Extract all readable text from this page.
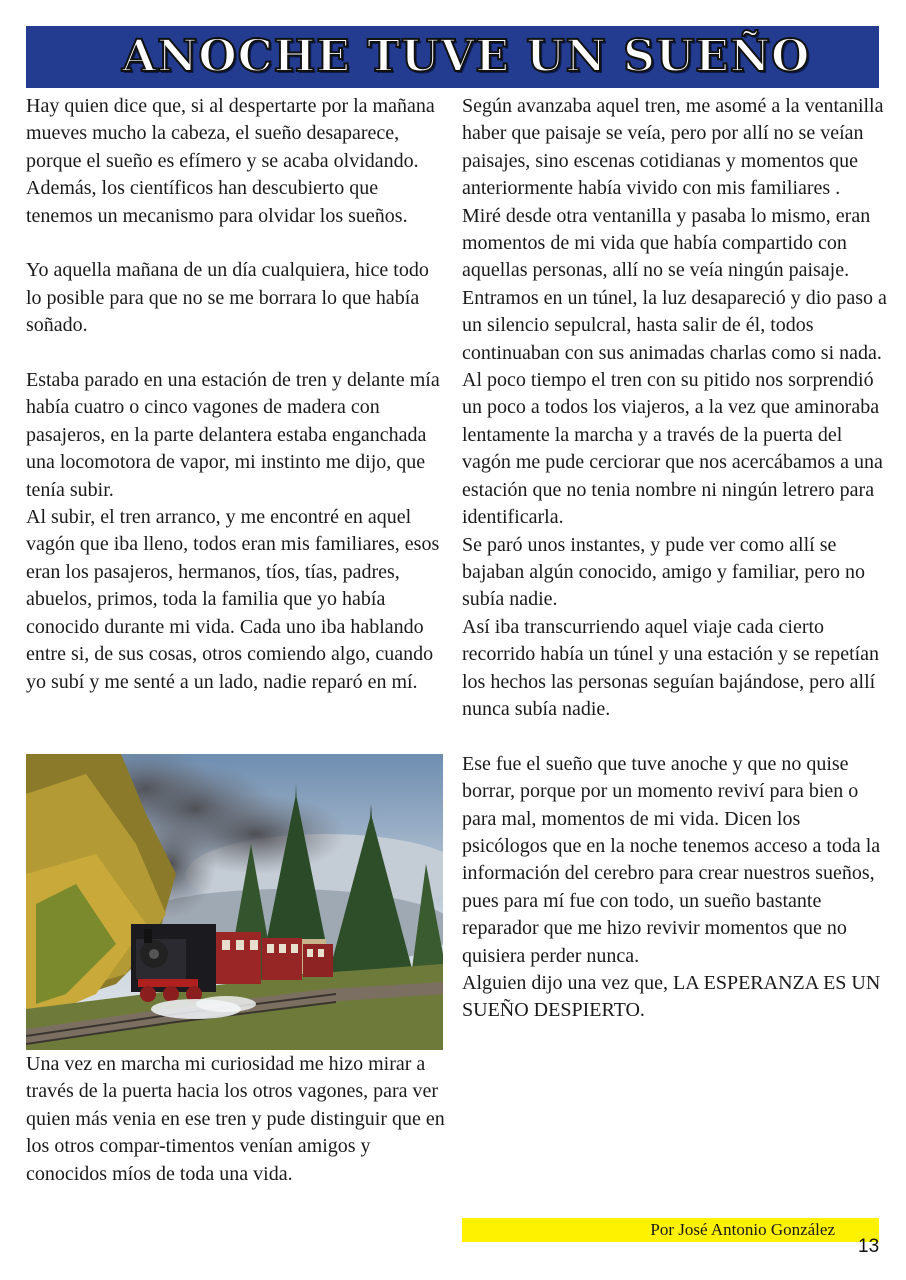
ANOCHE TUVE UN SUEÑO

Hay quien dice que, si al despertarte por la mañana mueves mucho la cabeza, el sueño desaparece, porque el sueño es efímero y se acaba olvidando. Además, los científicos han descubierto que tenemos un mecanismo para olvidar los sueños.

Yo aquella mañana de un día cualquiera, hice todo lo posible para que no se me borrara lo que había soñado.

Estaba parado en una estación de tren y delante mía había cuatro o cinco vagones de madera con pasajeros, en la parte delantera estaba enganchada una locomotora de vapor, mi instinto me dijo, que tenía subir.

Al subir, el tren arranco, y me encontré en aquel vagón que iba lleno, todos eran mis familiares, esos eran los pasajeros, hermanos, tíos, tías, padres, abuelos, primos, toda la familia que yo había conocido durante mi vida. Cada uno iba hablando entre si, de sus cosas, otros comiendo algo, cuando yo subí y me senté a un lado, nadie reparó en mí.

Una vez en marcha mi curiosidad me hizo mirar a través de la puerta hacia los otros vagones, para ver quien más venia en ese tren y pude distinguir que en los otros compar-timentos venían amigos y conocidos míos de toda una vida.

Según avanzaba aquel tren, me asomé a la ventanilla haber que paisaje se veía, pero por allí no se veían paisajes, sino escenas cotidianas y momentos que anteriormente había vivido con mis familiares .

Miré desde otra ventanilla y pasaba lo mismo, eran momentos de mi vida que había compartido con aquellas personas, allí no se veía ningún paisaje.

Entramos en un túnel, la luz desapareció y dio paso a un silencio sepulcral, hasta salir de él, todos continuaban con sus animadas charlas como si nada.

Al poco tiempo el tren con su pitido nos sorprendió un poco a todos los viajeros, a la vez que aminoraba lentamente la marcha y a través de la puerta del vagón me pude cerciorar que nos acercábamos a una estación que no tenia nombre ni ningún letrero para identificarla.

Se paró unos instantes, y pude ver como allí se bajaban algún conocido, amigo y familiar, pero no subía nadie.

Así iba transcurriendo aquel viaje cada cierto recorrido había un túnel y una estación y se repetían los hechos las personas seguían bajándose, pero allí nunca subía nadie.

Ese fue el sueño que tuve anoche y que no quise borrar, porque por un momento reviví para bien o para mal, momentos de mi vida. Dicen los psicólogos que en la noche tenemos acceso a toda la información del cerebro para crear nuestros sueños, pues para mí fue con todo, un sueño bastante reparador que me hizo revivir momentos que no quisiera perder nunca.

Alguien dijo una vez que, LA ESPERANZA ES UN SUEÑO DESPIERTO.

Por José Antonio González
13
